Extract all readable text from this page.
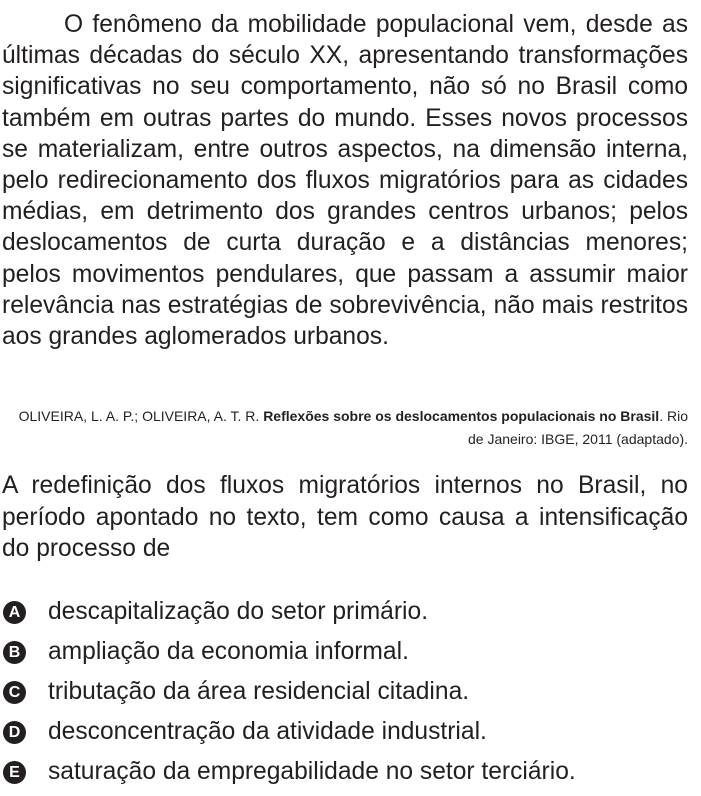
O fenômeno da mobilidade populacional vem, desde as últimas décadas do século XX, apresentando transformações significativas no seu comportamento, não só no Brasil como também em outras partes do mundo. Esses novos processos se materializam, entre outros aspectos, na dimensão interna, pelo redirecionamento dos fluxos migratórios para as cidades médias, em detrimento dos grandes centros urbanos; pelos deslocamentos de curta duração e a distâncias menores; pelos movimentos pendulares, que passam a assumir maior relevância nas estratégias de sobrevivência, não mais restritos aos grandes aglomerados urbanos.

OLIVEIRA, L. A. P.; OLIVEIRA, A. T. R. Reflexões sobre os deslocamentos populacionais no Brasil. Rio de Janeiro: IBGE, 2011 (adaptado).

A redefinição dos fluxos migratórios internos no Brasil, no período apontado no texto, tem como causa a intensificação do processo de

A descapitalização do setor primário.
B ampliação da economia informal.
C tributação da área residencial citadina.
D desconcentração da atividade industrial.
E saturação da empregabilidade no setor terciário.
